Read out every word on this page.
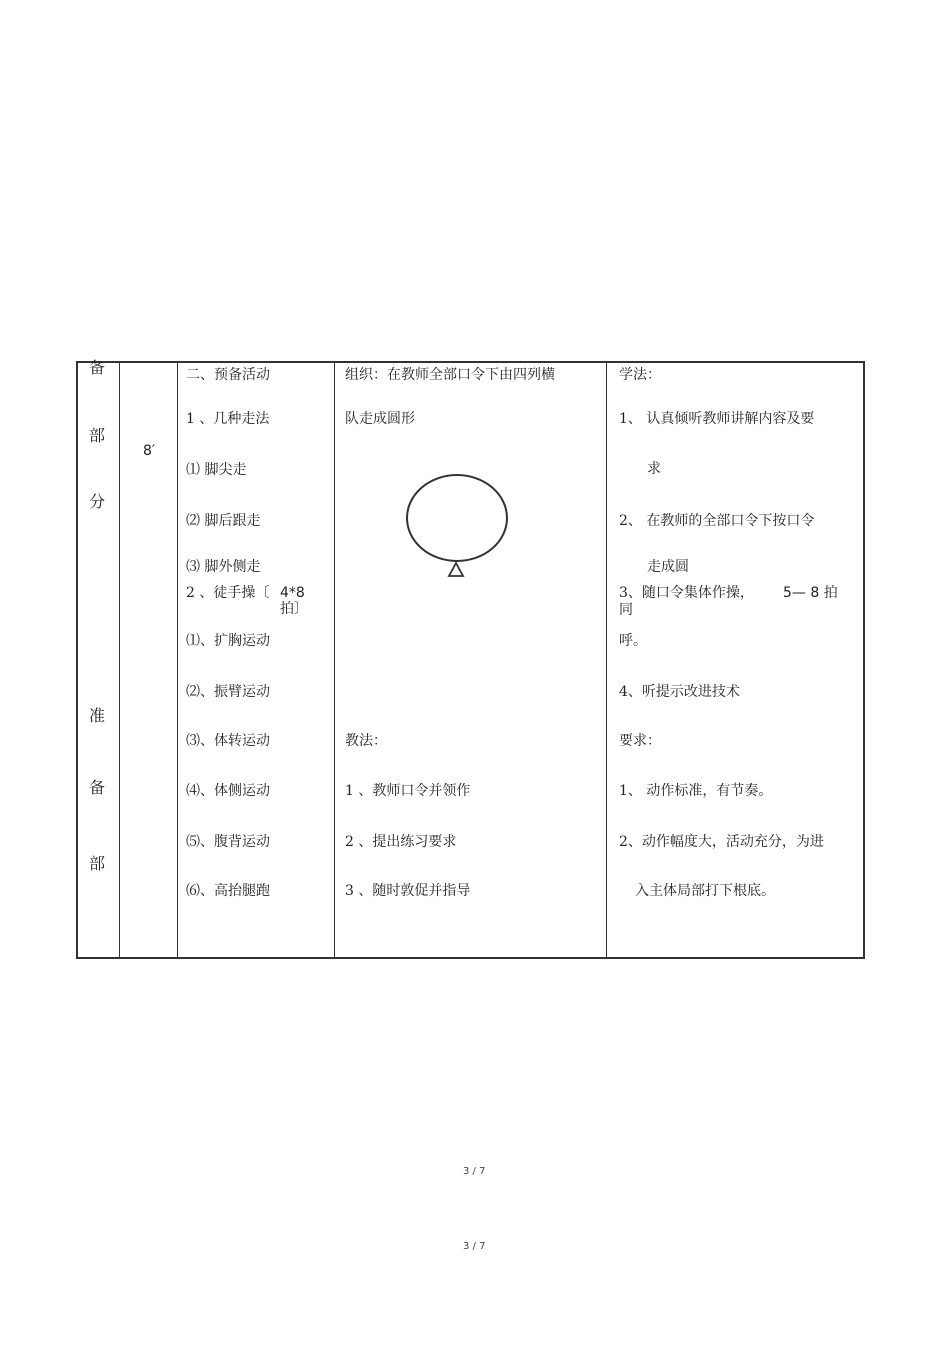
备
部
分
准
备
部
8′
二、预备活动
1 、几种走法
⑴ 脚尖走
⑵ 脚后跟走
⑶ 脚外侧走
2 、徒手操〔 4*8
拍〕
⑴、扩胸运动
⑵、振臂运动
⑶、体转运动
⑷、体侧运动
⑸、腹背运动
⑹、高抬腿跑
组织：在教师全部口令下由四列横
队走成圆形
教法：
1 、教师口令并领作
2 、提出练习要求
3 、随时敦促并指导
学法：
1、 认真倾听教师讲解内容及要
求
2、 在教师的全部口令下按口令
走成圆
3、随口令集体作操， 5— 8 拍
同
呼。
4、听提示改进技术
要求：
1、 动作标准，有节奏。
2、动作幅度大，活动充分，为进
入主体局部打下根底。
3 / 7
3 / 7
